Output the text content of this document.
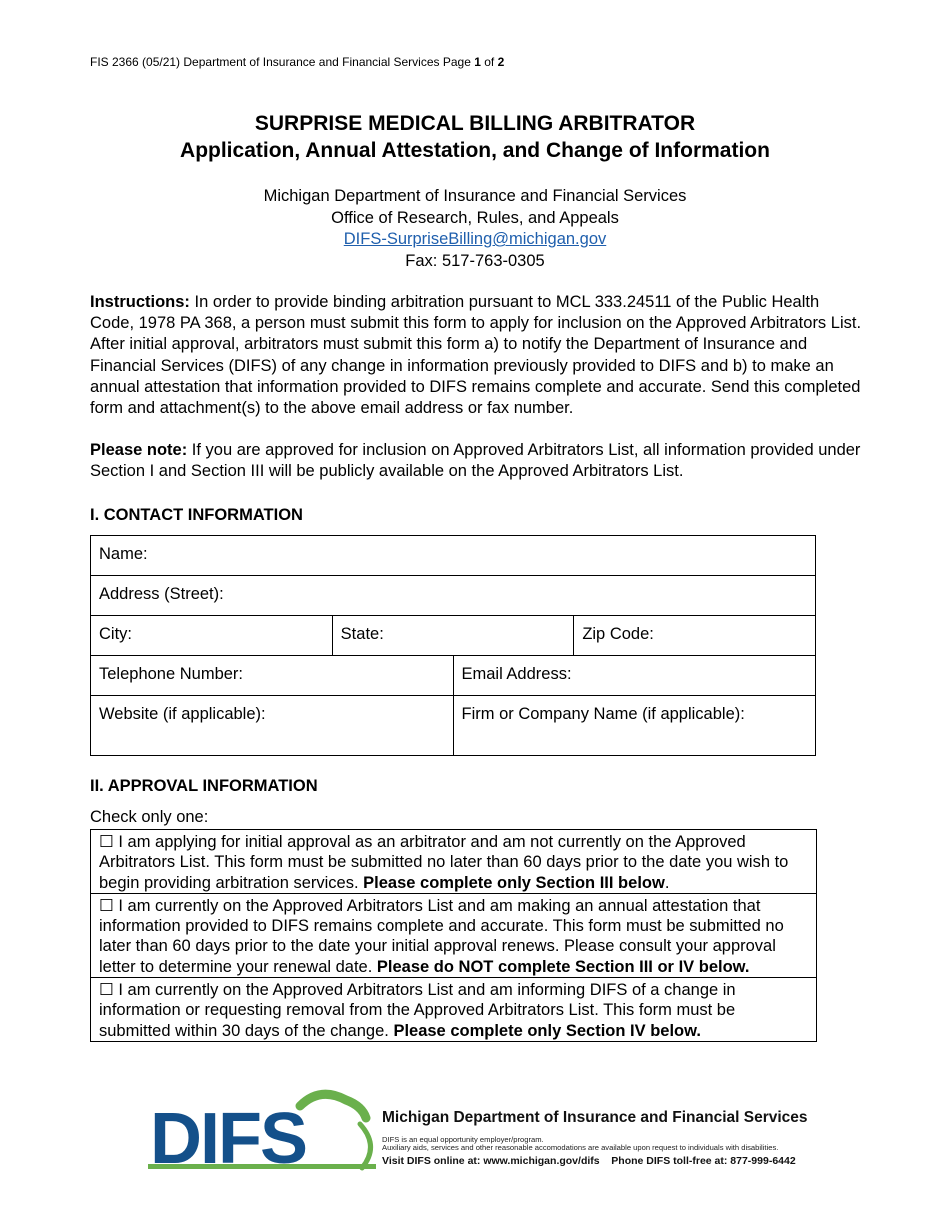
FIS 2366 (05/21) Department of Insurance and Financial Services Page 1 of 2
SURPRISE MEDICAL BILLING ARBITRATOR
Application, Annual Attestation, and Change of Information
Michigan Department of Insurance and Financial Services
Office of Research, Rules, and Appeals
DIFS-SurpriseBilling@michigan.gov
Fax: 517-763-0305
Instructions: In order to provide binding arbitration pursuant to MCL 333.24511 of the Public Health Code, 1978 PA 368, a person must submit this form to apply for inclusion on the Approved Arbitrators List. After initial approval, arbitrators must submit this form a) to notify the Department of Insurance and Financial Services (DIFS) of any change in information previously provided to DIFS and b) to make an annual attestation that information provided to DIFS remains complete and accurate. Send this completed form and attachment(s) to the above email address or fax number.
Please note: If you are approved for inclusion on Approved Arbitrators List, all information provided under Section I and Section III will be publicly available on the Approved Arbitrators List.
I. CONTACT INFORMATION
Name:			
Address (Street):			
City:	State:		Zip Code:
Telephone Number:		Email Address:	
Website (if applicable):		Firm or Company Name (if applicable):	
II. APPROVAL INFORMATION
Check only one:
☐ I am applying for initial approval as an arbitrator and am not currently on the Approved Arbitrators List. This form must be submitted no later than 60 days prior to the date you wish to begin providing arbitration services. Please complete only Section III below.
☐ I am currently on the Approved Arbitrators List and am making an annual attestation that information provided to DIFS remains complete and accurate. This form must be submitted no later than 60 days prior to the date your initial approval renews. Please consult your approval letter to determine your renewal date. Please do NOT complete Section III or IV below.
☐ I am currently on the Approved Arbitrators List and am informing DIFS of a change in information or requesting removal from the Approved Arbitrators List. This form must be submitted within 30 days of the change. Please complete only Section IV below.
DIFS	Michigan Department of Insurance and Financial Services
DIFS is an equal opportunity employer/program.
Auxiliary aids, services and other reasonable accomodations are available upon request to individuals with disabilities.
Visit DIFS online at: www.michigan.gov/difs    Phone DIFS toll-free at: 877-999-6442
